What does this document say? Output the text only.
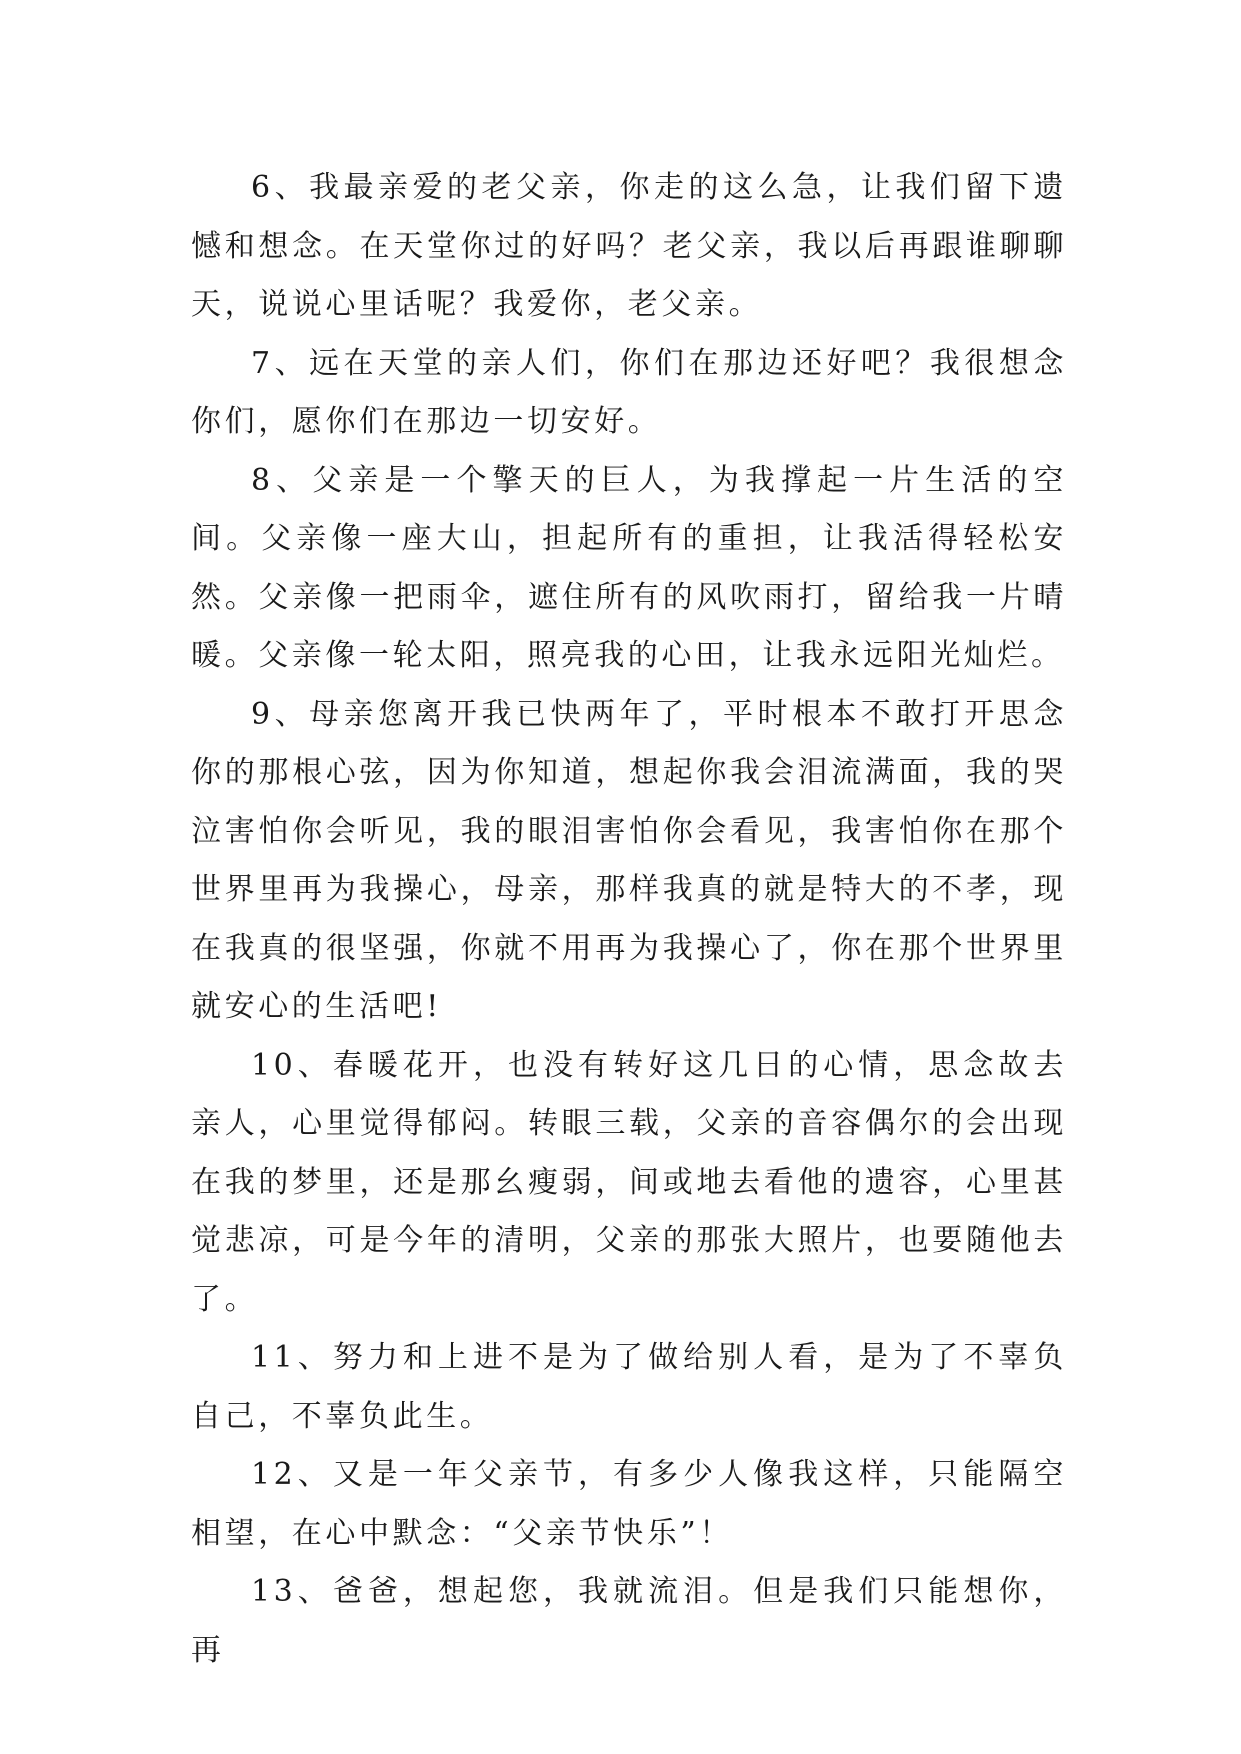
6、我最亲爱的老父亲，你走的这么急，让我们留下遗憾和想念。在天堂你过的好吗？老父亲，我以后再跟谁聊聊天，说说心里话呢？我爱你，老父亲。

7、远在天堂的亲人们，你们在那边还好吧？我很想念你们，愿你们在那边一切安好。

8、父亲是一个擎天的巨人，为我撑起一片生活的空间。父亲像一座大山，担起所有的重担，让我活得轻松安然。父亲像一把雨伞，遮住所有的风吹雨打，留给我一片晴暖。父亲像一轮太阳，照亮我的心田，让我永远阳光灿烂。

9、母亲您离开我已快两年了，平时根本不敢打开思念你的那根心弦，因为你知道，想起你我会泪流满面，我的哭泣害怕你会听见，我的眼泪害怕你会看见，我害怕你在那个世界里再为我操心，母亲，那样我真的就是特大的不孝，现在我真的很坚强，你就不用再为我操心了，你在那个世界里就安心的生活吧!

10、春暖花开，也没有转好这几日的心情，思念故去亲人，心里觉得郁闷。转眼三载，父亲的音容偶尔的会出现在我的梦里，还是那幺瘦弱，间或地去看他的遗容，心里甚觉悲凉，可是今年的清明，父亲的那张大照片，也要随他去了。

11、努力和上进不是为了做给别人看，是为了不辜负自己，不辜负此生。

12、又是一年父亲节，有多少人像我这样，只能隔空相望，在心中默念：“父亲节快乐”！

13、爸爸，想起您，我就流泪。但是我们只能想你，再
